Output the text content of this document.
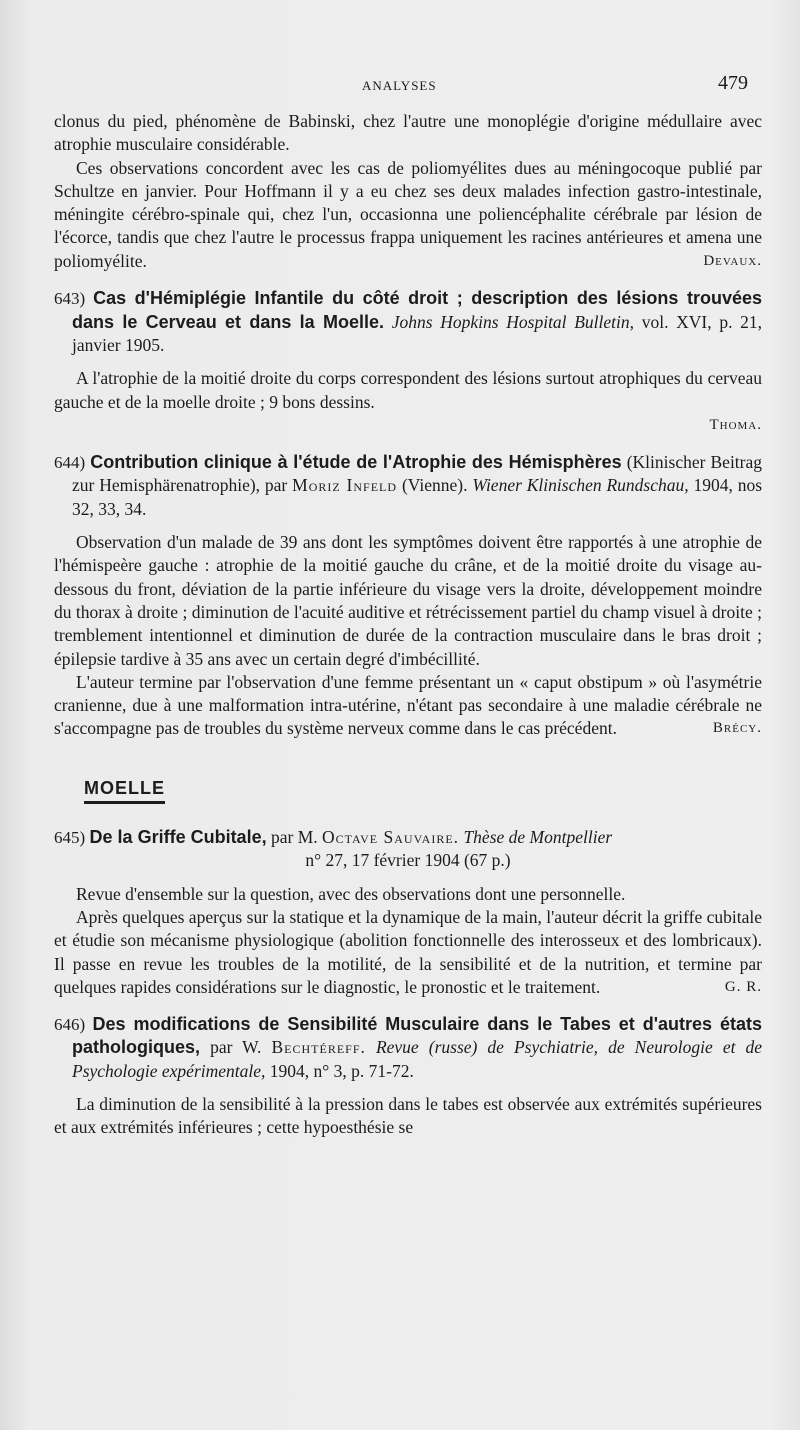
ANALYSES	479

clonus du pied, phénomène de Babinski, chez l'autre une monoplégie d'origine médullaire avec atrophie musculaire considérable.

Ces observations concordent avec les cas de poliomyélites dues au méningocoque publié par Schultze en janvier. Pour Hoffmann il y a eu chez ses deux malades infection gastro-intestinale, méningite cérébro-spinale qui, chez l'un, occasionna une poliencéphalite cérébrale par lésion de l'écorce, tandis que chez l'autre le processus frappa uniquement les racines antérieures et amena une poliomyélite.	Devaux.

643) Cas d'Hémiplégie Infantile du côté droit ; description des lésions trouvées dans le Cerveau et dans la Moelle. Johns Hopkins Hospital Bulletin, vol. XVI, p. 21, janvier 1905.

A l'atrophie de la moitié droite du corps correspondent des lésions surtout atrophiques du cerveau gauche et de la moelle droite ; 9 bons dessins.

Thoma.

644) Contribution clinique à l'étude de l'Atrophie des Hémisphères (Klinischer Beitrag zur Hemisphärenatrophie), par Moriz Infeld (Vienne). Wiener Klinischen Rundschau, 1904, nos 32, 33, 34.

Observation d'un malade de 39 ans dont les symptômes doivent être rapportés à une atrophie de l'hémispeère gauche : atrophie de la moitié gauche du crâne, et de la moitié droite du visage au-dessous du front, déviation de la partie inférieure du visage vers la droite, développement moindre du thorax à droite ; diminution de l'acuité auditive et rétrécissement partiel du champ visuel à droite ; tremblement intentionnel et diminution de durée de la contraction musculaire dans le bras droit ; épilepsie tardive à 35 ans avec un certain degré d'imbécillité.

L'auteur termine par l'observation d'une femme présentant un « caput obstipum » où l'asymétrie cranienne, due à une malformation intra-utérine, n'étant pas secondaire à une maladie cérébrale ne s'accompagne pas de troubles du système nerveux comme dans le cas précédent.	Brécy.

MOELLE

645) De la Griffe Cubitale, par M. Octave Sauvaire. Thèse de Montpellier

n° 27, 17 février 1904 (67 p.)

Revue d'ensemble sur la question, avec des observations dont une personnelle.

Après quelques aperçus sur la statique et la dynamique de la main, l'auteur décrit la griffe cubitale et étudie son mécanisme physiologique (abolition fonctionnelle des interosseux et des lombricaux). Il passe en revue les troubles de la motilité, de la sensibilité et de la nutrition, et termine par quelques rapides considérations sur le diagnostic, le pronostic et le traitement.	G. R.

646) Des modifications de Sensibilité Musculaire dans le Tabes et d'autres états pathologiques, par W. Bechtéreff. Revue (russe) de Psychiatrie, de Neurologie et de Psychologie expérimentale, 1904, n° 3, p. 71-72.

La diminution de la sensibilité à la pression dans le tabes est observée aux extrémités supérieures et aux extrémités inférieures ; cette hypoesthésie se
